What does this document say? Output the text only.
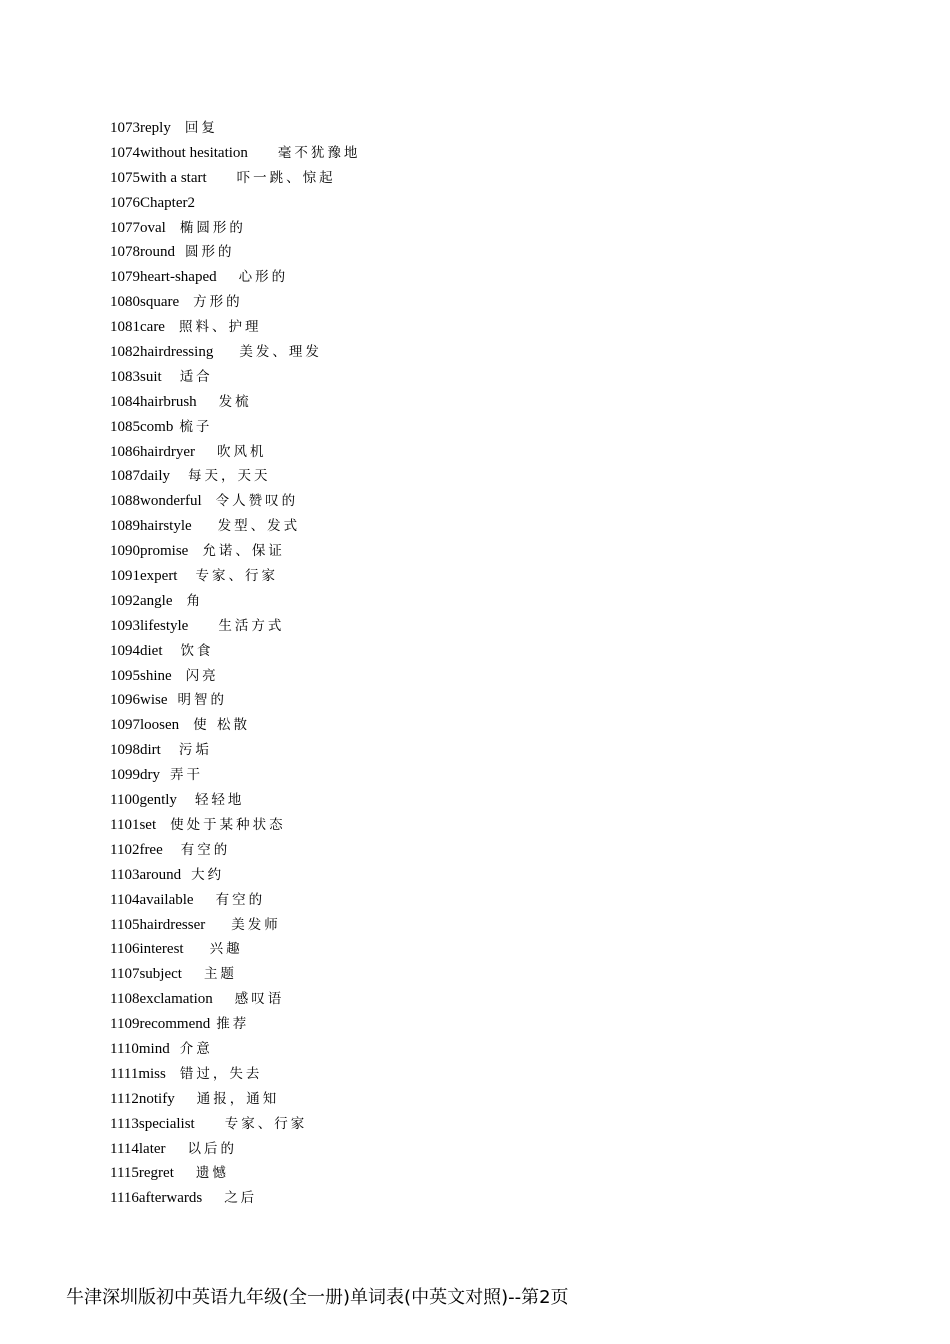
1073reply 回复
1074without hesitation 毫不犹豫地
1075with a start 吓一跳、惊起
1076Chapter2
1077oval 椭圆形的
1078round 圆形的
1079heart-shaped 心形的
1080square 方形的
1081care 照料、护理
1082hairdressing 美发、理发
1083suit 适合
1084hairbrush 发梳
1085comb 梳子
1086hairdryer 吹风机
1087daily 每天，天天
1088wonderful 令人赞叹的
1089hairstyle 发型、发式
1090promise 允诺、保证
1091expert 专家、行家
1092angle 角
1093lifestyle 生活方式
1094diet 饮食
1095shine 闪亮
1096wise 明智的
1097loosen 使 松散
1098dirt 污垢
1099dry 弄干
1100gently 轻轻地
1101set 使处于某种状态
1102free 有空的
1103around 大约
1104available 有空的
1105hairdresser 美发师
1106interest 兴趣
1107subject 主题
1108exclamation 感叹语
1109recommend 推荐
1110mind 介意
1111miss 错过，失去
1112notify 通报，通知
1113specialist 专家、行家
1114later 以后的
1115regret 遗憾
1116afterwards 之后
牛津深圳版初中英语九年级(全一册)单词表(中英文对照)--第2页
